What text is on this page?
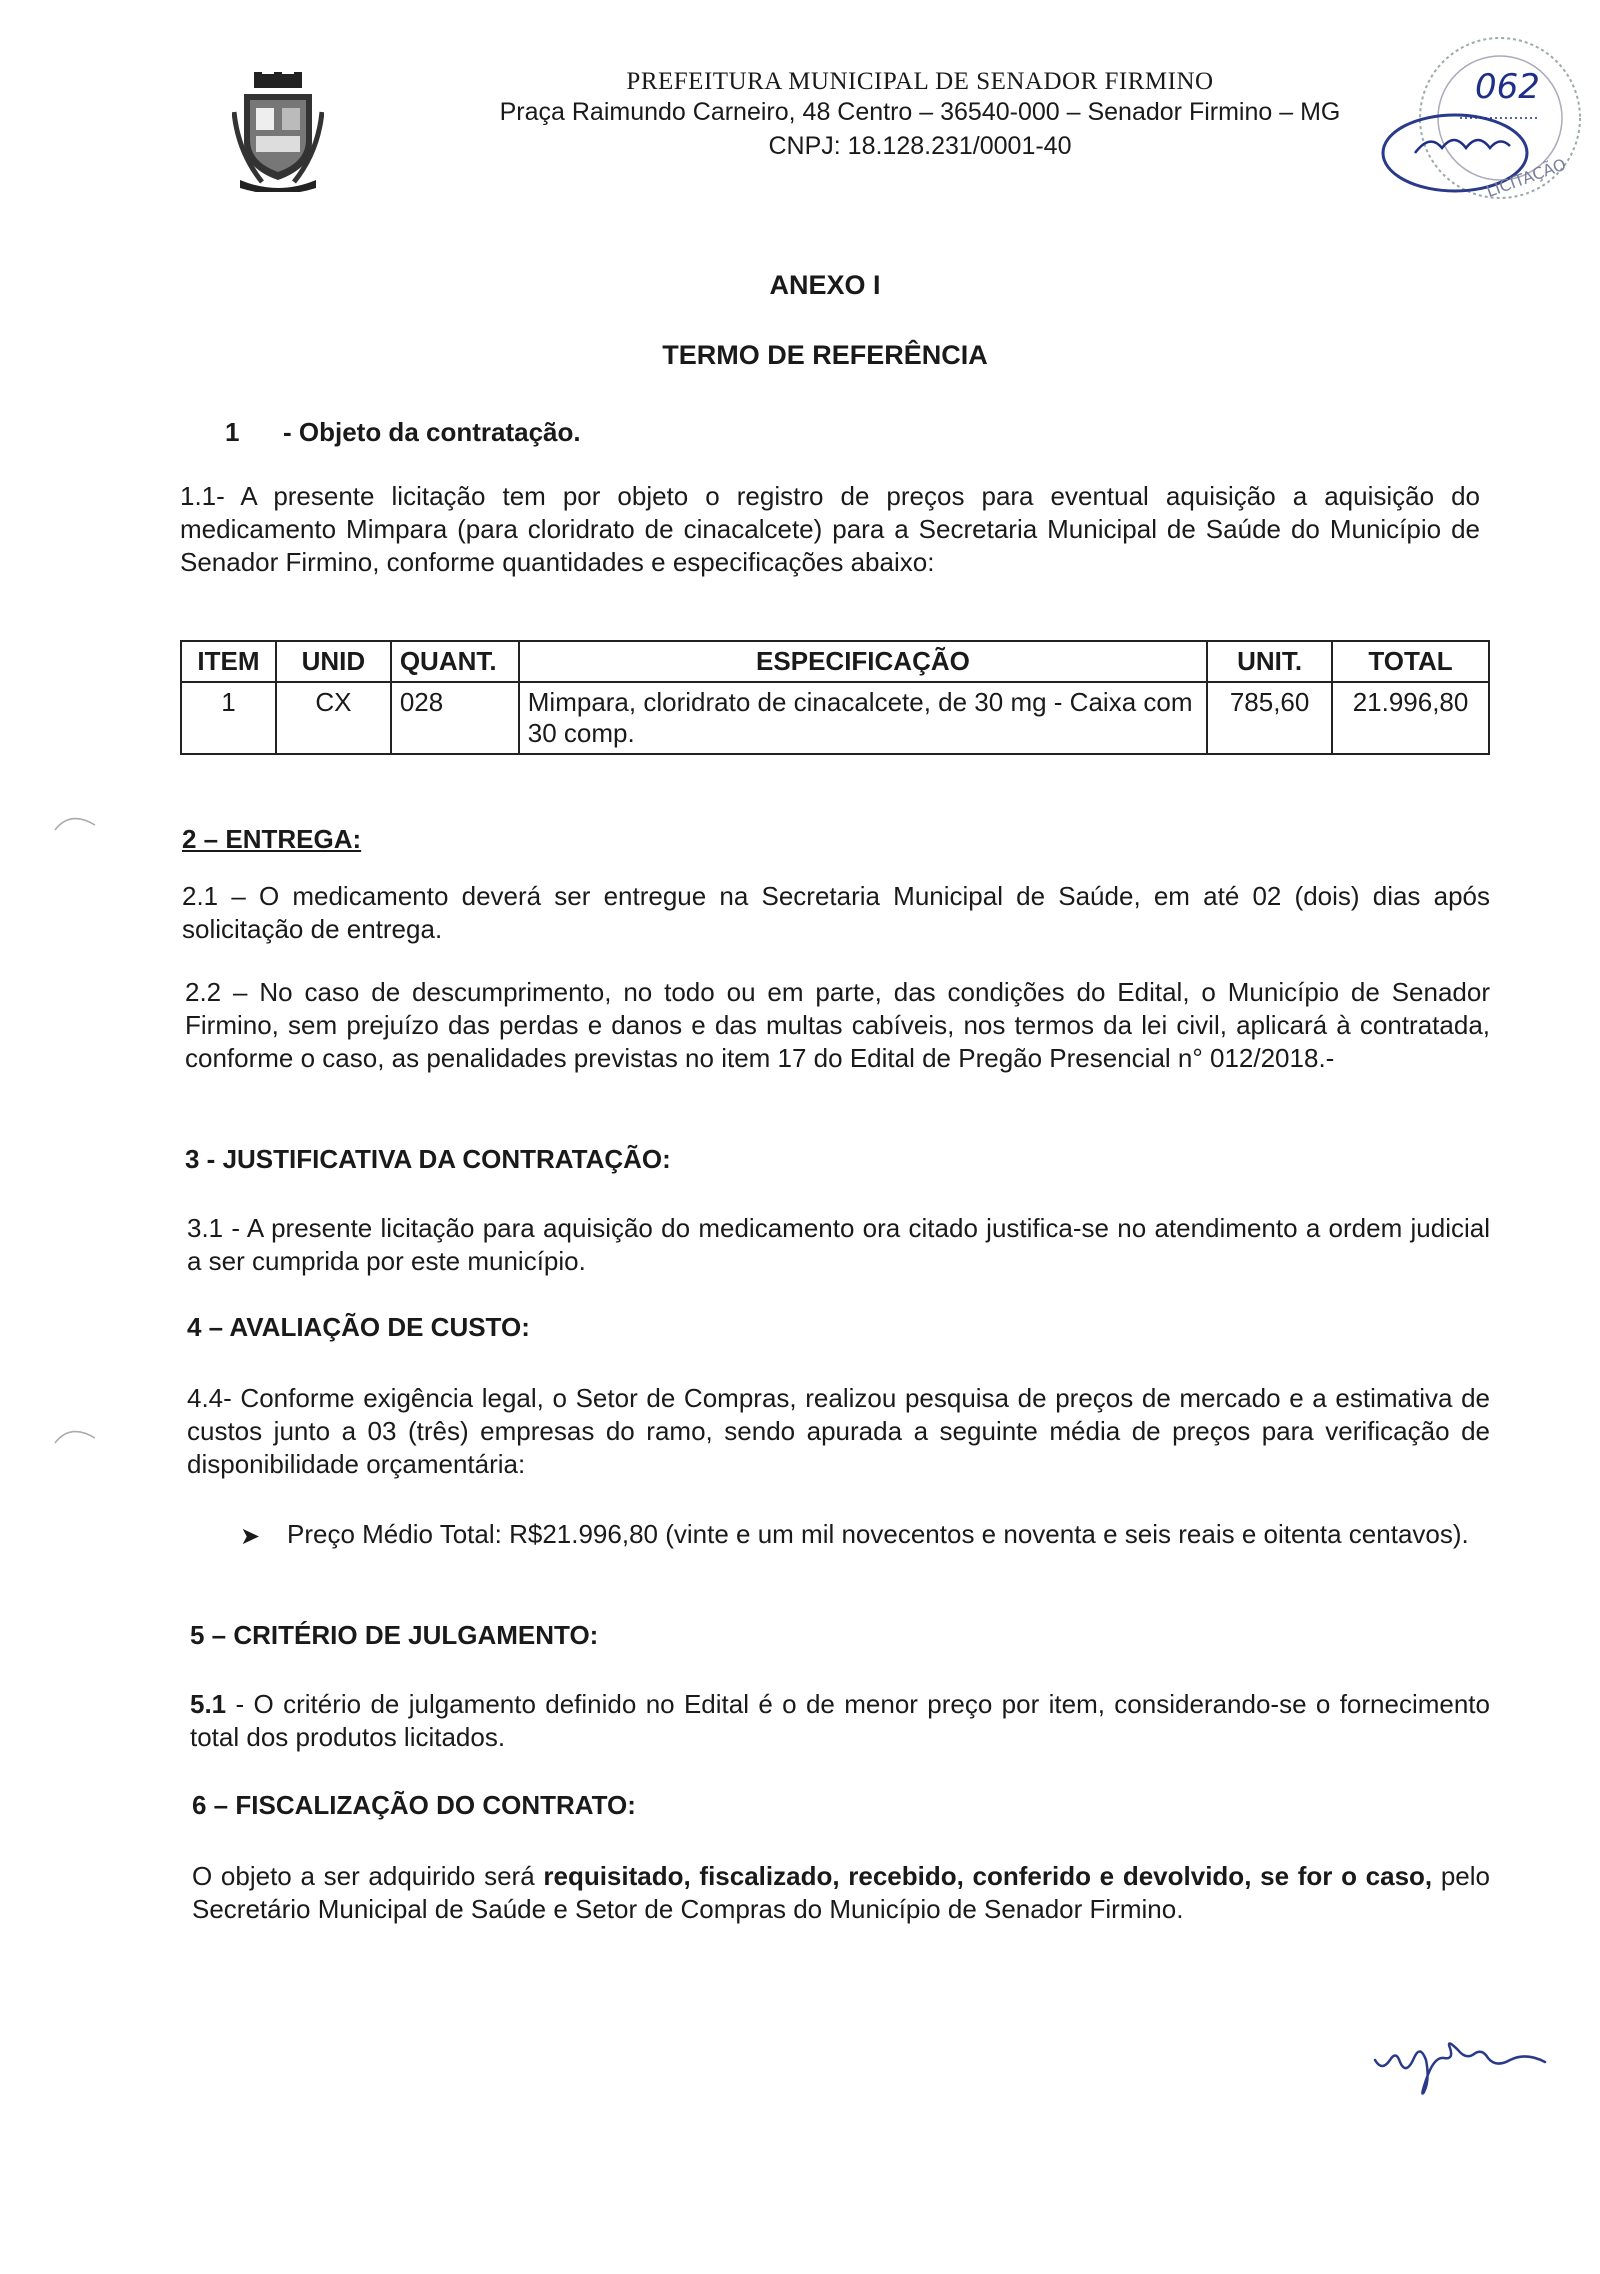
PREFEITURA MUNICIPAL DE SENADOR FIRMINO
Praça Raimundo Carneiro, 48 Centro – 36540-000 – Senador Firmino – MG
CNPJ: 18.128.231/0001-40
LICITAÇÃO
062
ANEXO I
TERMO DE REFERÊNCIA
1 - Objeto da contratação.
1.1- A presente licitação tem por objeto o registro de preços para eventual aquisição a aquisição do medicamento Mimpara (para cloridrato de cinacalcete) para a Secretaria Municipal de Saúde do Município de Senador Firmino, conforme quantidades e especificações abaixo:
ITEM	UNID	QUANT.	ESPECIFICAÇÃO	UNIT.	TOTAL
1	CX	028	Mimpara, cloridrato de cinacalcete, de 30 mg - Caixa com 30 comp.	785,60	21.996,80
2 – ENTREGA:
2.1 – O medicamento deverá ser entregue na Secretaria Municipal de Saúde, em até 02 (dois) dias após solicitação de entrega.
2.2 – No caso de descumprimento, no todo ou em parte, das condições do Edital, o Município de Senador Firmino, sem prejuízo das perdas e danos e das multas cabíveis, nos termos da lei civil, aplicará à contratada, conforme o caso, as penalidades previstas no item 17 do Edital de Pregão Presencial n° 012/2018.-
3 - JUSTIFICATIVA DA CONTRATAÇÃO:
3.1 - A presente licitação para aquisição do medicamento ora citado justifica-se no atendimento a ordem judicial a ser cumprida por este município.
4 – AVALIAÇÃO DE CUSTO:
4.4- Conforme exigência legal, o Setor de Compras, realizou pesquisa de preços de mercado e a estimativa de custos junto a 03 (três) empresas do ramo, sendo apurada a seguinte média de preços para verificação de disponibilidade orçamentária:
➤ Preço Médio Total: R$21.996,80 (vinte e um mil novecentos e noventa e seis reais e oitenta centavos).
5 – CRITÉRIO DE JULGAMENTO:
5.1 - O critério de julgamento definido no Edital é o de menor preço por item, considerando-se o fornecimento total dos produtos licitados.
6 – FISCALIZAÇÃO DO CONTRATO:
O objeto a ser adquirido será requisitado, fiscalizado, recebido, conferido e devolvido, se for o caso, pelo Secretário Municipal de Saúde e Setor de Compras do Município de Senador Firmino.
